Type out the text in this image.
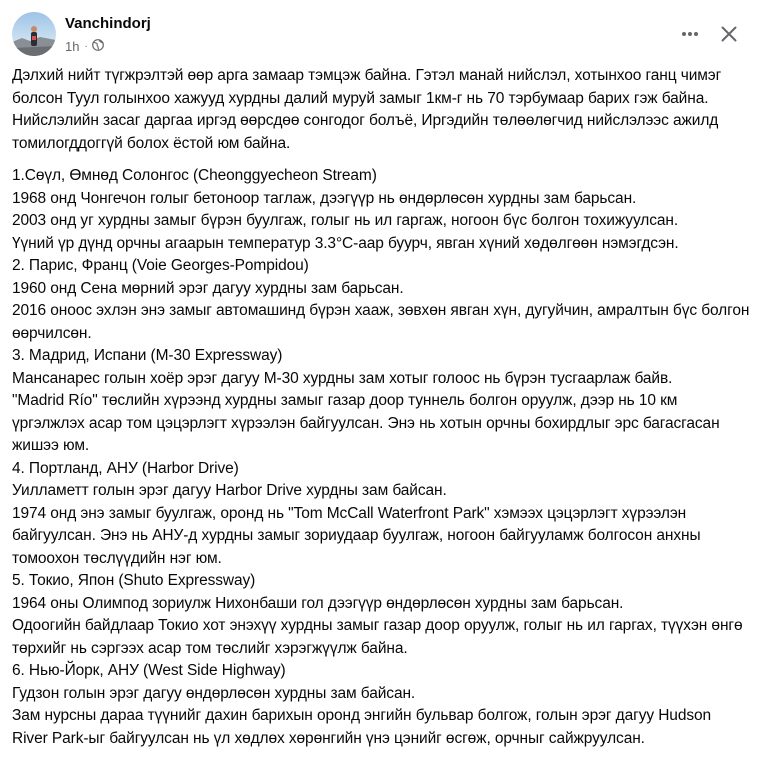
Vanchindorj
1h ·

Дэлхий нийт түгжрэлтэй өөр арга замаар тэмцэж байна. Гэтэл манай нийслэл, хотынхоо ганц чимэг болсон Туул голынхоо хажууд хурдны далий муруй замыг 1км-г нь 70 тэрбумаар барих гэж байна. Нийслэлийн засаг даргаа иргэд өөрсдөө сонгодог болъё, Иргэдийн төлөөлөгчид нийслэлээс ажилд томилогддоггүй болох ёстой юм байна.

1.Сөүл, Өмнөд Солонгос (Cheonggyecheon Stream)

1968 онд Чонгечон голыг бетоноор таглаж, дээгүүр нь өндөрлөсөн хурдны зам барьсан.

2003 онд уг хурдны замыг бүрэн буулгаж, голыг нь ил гаргаж, ногоон бүс болгон тохижуулсан.

Үүний үр дүнд орчны агаарын температур 3.3°C-аар буурч, явган хүний хөдөлгөөн нэмэгдсэн.

2. Парис, Франц (Voie Georges-Pompidou)

1960 онд Сена мөрний эрэг дагуу хурдны зам барьсан.

2016 оноос эхлэн энэ замыг автомашинд бүрэн хааж, зөвхөн явган хүн, дугуйчин, амралтын бүс болгон өөрчилсөн.

3. Мадрид, Испани (M-30 Expressway)

Мансанарес голын хоёр эрэг дагуу M-30 хурдны зам хотыг голоос нь бүрэн тусгаарлаж байв.

"Madrid Río" төслийн хүрээнд хурдны замыг газар доор туннель болгон оруулж, дээр нь 10 км үргэлжлэх асар том цэцэрлэгт хүрээлэн байгуулсан. Энэ нь хотын орчны бохирдлыг эрс багасгасан жишээ юм.

4. Портланд, АНУ (Harbor Drive)

Уилламетт голын эрэг дагуу Harbor Drive хурдны зам байсан.

1974 онд энэ замыг буулгаж, оронд нь "Tom McCall Waterfront Park" хэмээх цэцэрлэгт хүрээлэн байгуулсан. Энэ нь АНУ-д хурдны замыг зориудаар буулгаж, ногоон байгууламж болгосон анхны томоохон төслүүдийн нэг юм.

5. Токио, Япон (Shuto Expressway)

1964 оны Олимпод зориулж Нихонбаши гол дээгүүр өндөрлөсөн хурдны зам барьсан.

Одоогийн байдлаар Токио хот энэхүү хурдны замыг газар доор оруулж, голыг нь ил гаргах, түүхэн өнгө төрхийг нь сэргээх асар том төслийг хэрэгжүүлж байна.

6. Нью-Йорк, АНУ (West Side Highway)

Гудзон голын эрэг дагуу өндөрлөсөн хурдны зам байсан.

Зам нурсны дараа түүнийг дахин барихын оронд энгийн бульвар болгож, голын эрэг дагуу Hudson River Park-ыг байгуулсан нь үл хөдлөх хөрөнгийн үнэ цэнийг өсгөж, орчныг сайжруулсан.
